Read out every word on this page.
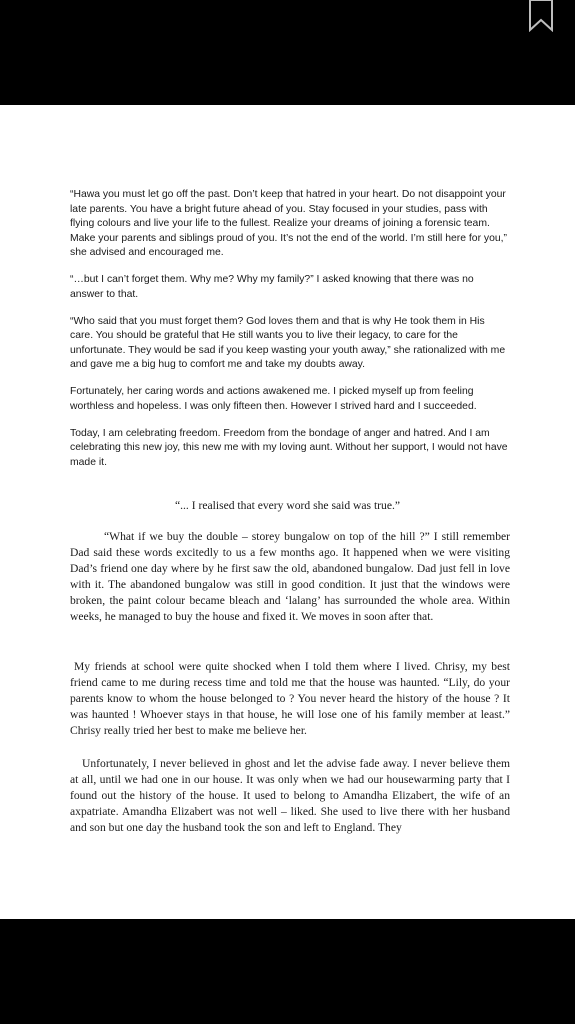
“Hawa you must let go off the past. Don’t keep that hatred in your heart. Do not disappoint your late parents. You have a bright future ahead of you. Stay focused in your studies, pass with flying colours and live your life to the fullest. Realize your dreams of joining a forensic team. Make your parents and siblings proud of you. It’s not the end of the world. I’m still here for you,” she advised and encouraged me.

“…but I can’t forget them. Why me? Why my family?” I asked knowing that there was no answer to that.

“Who said that you must forget them? God loves them and that is why He took them in His care. You should be grateful that He still wants you to live their legacy, to care for the unfortunate. They would be sad if you keep wasting your youth away,” she rationalized with me and gave me a big hug to comfort me and take my doubts away.

Fortunately, her caring words and actions awakened me. I picked myself up from feeling worthless and hopeless. I was only fifteen then. However I strived hard and I succeeded.

Today, I am celebrating freedom. Freedom from the bondage of anger and hatred. And I am celebrating this new joy, this new me with my loving aunt. Without her support, I would not have made it.

“... I realised that every word she said was true.”
“What if we buy the double – storey bungalow on top of the hill ?” I still remember Dad said these words excitedly to us a few months ago. It happened when we were visiting Dad’s friend one day where by he first saw the old, abandoned bungalow. Dad just fell in love with it. The abandoned bungalow was still in good condition. It just that the windows were broken, the paint colour became bleach and ‘lalang’ has surrounded the whole area. Within weeks, he managed to buy the house and fixed it. We moves in soon after that.
My friends at school were quite shocked when I told them where I lived. Chrisy, my best friend came to me during recess time and told me that the house was haunted. “Lily, do your parents know to whom the house belonged to ? You never heard the history of the house ? It was haunted ! Whoever stays in that house, he will lose one of his family member at least.” Chrisy really tried her best to make me believe her.
Unfortunately, I never believed in ghost and let the advise fade away. I never believe them at all, until we had one in our house. It was only when we had our housewarming party that I found out the history of the house. It used to belong to Amandha Elizabert, the wife of an axpatriate. Amandha Elizabert was not well – liked. She used to live there with her husband and son but one day the husband took the son and left to England. They
